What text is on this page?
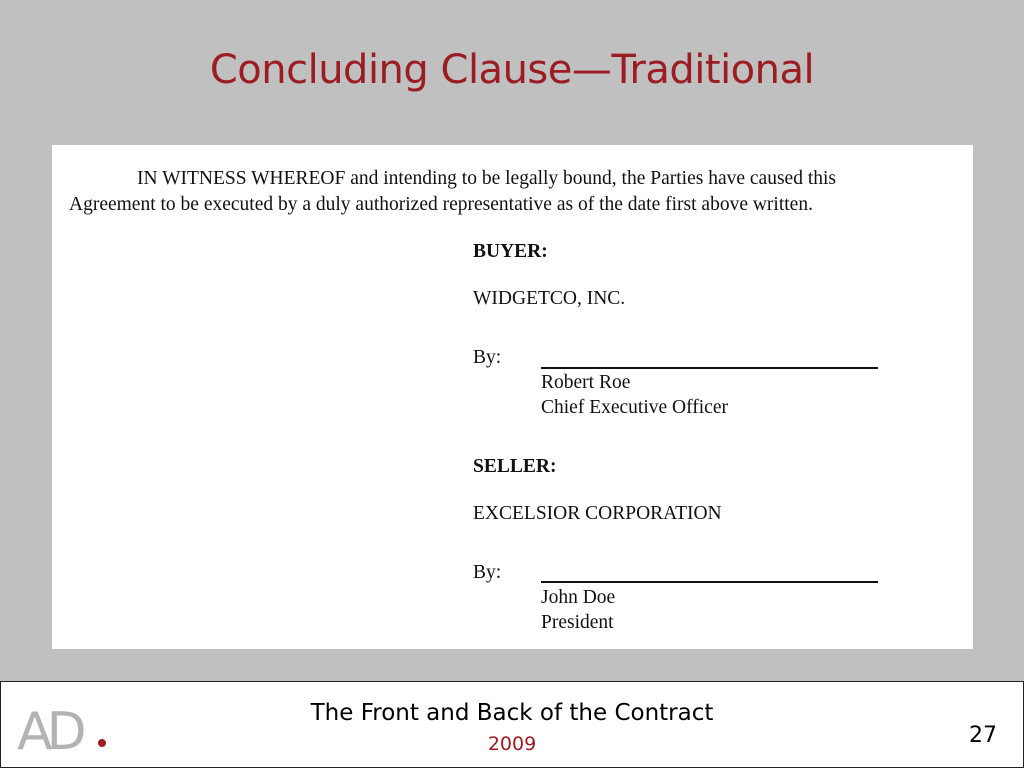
Concluding Clause—Traditional

IN WITNESS WHEREOF and intending to be legally bound, the Parties have caused this
Agreement to be executed by a duly authorized representative as of the date first above written.

BUYER:
WIDGETCO, INC.
By:
Robert Roe
Chief Executive Officer
SELLER:
EXCELSIOR CORPORATION
By:
John Doe
President
AD	The Front and Back of the Contract
2009	27
